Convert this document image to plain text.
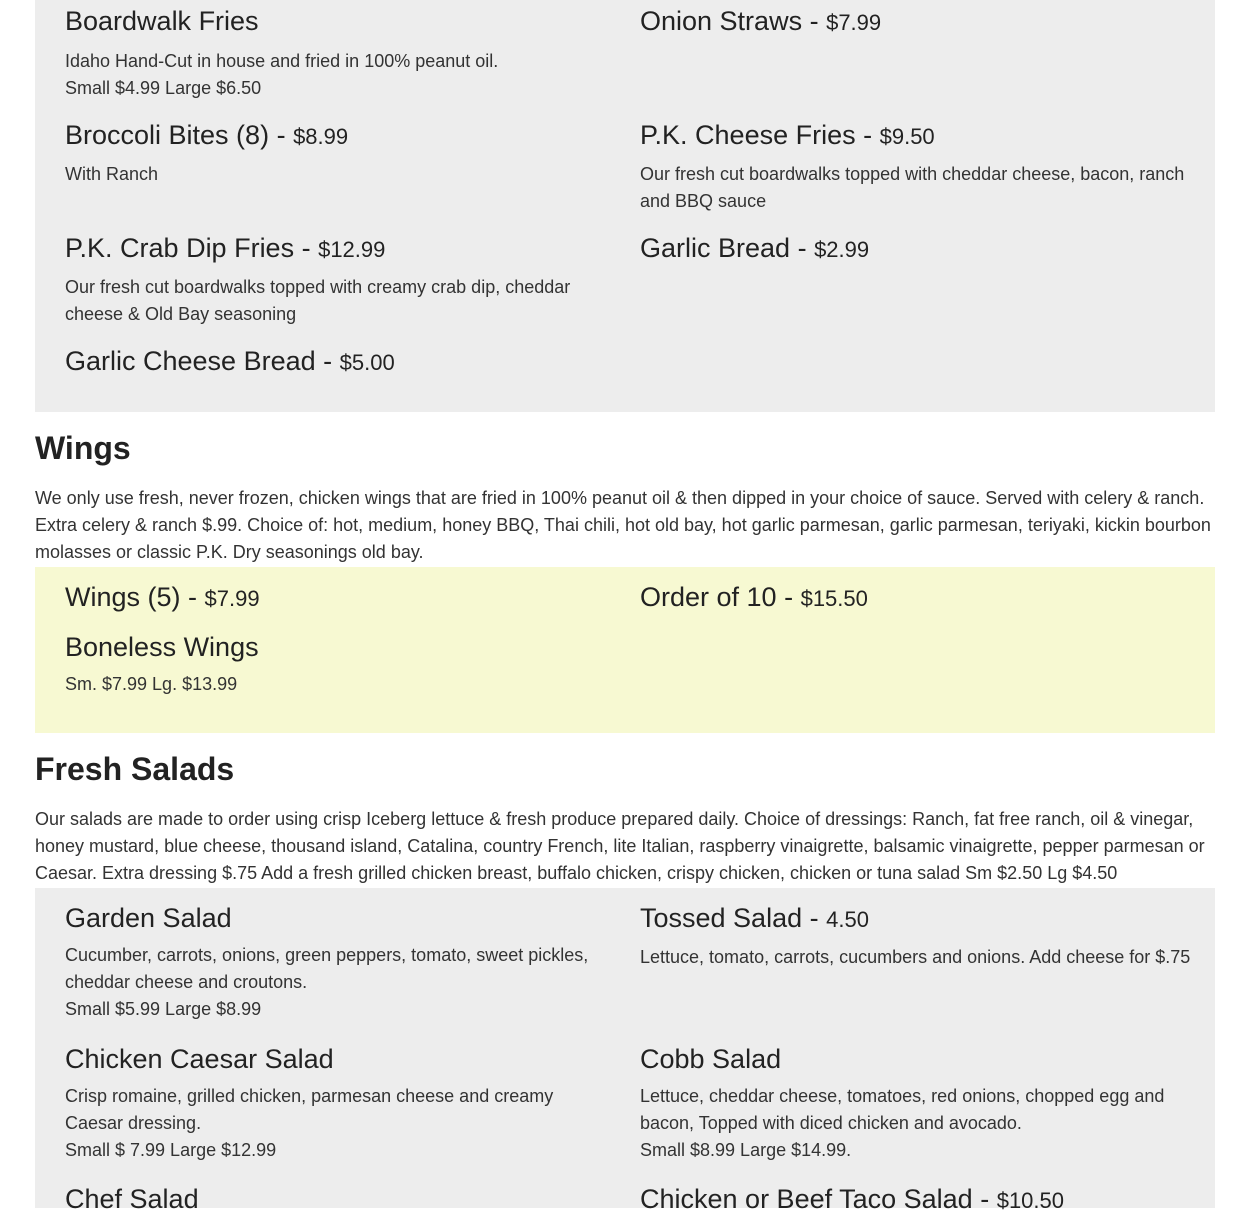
Boardwalk Fries
Idaho Hand-Cut in house and fried in 100% peanut oil.
Small $4.99 Large $6.50
Onion Straws - $7.99
Broccoli Bites (8) - $8.99
With Ranch
P.K. Cheese Fries - $9.50
Our fresh cut boardwalks topped with cheddar cheese, bacon, ranch and BBQ sauce
P.K. Crab Dip Fries - $12.99
Our fresh cut boardwalks topped with creamy crab dip, cheddar cheese & Old Bay seasoning
Garlic Bread - $2.99
Garlic Cheese Bread - $5.00
Wings

We only use fresh, never frozen, chicken wings that are fried in 100% peanut oil & then dipped in your choice of sauce. Served with celery & ranch. Extra celery & ranch $.99. Choice of: hot, medium, honey BBQ, Thai chili, hot old bay, hot garlic parmesan, garlic parmesan, teriyaki, kickin bourbon molasses or classic P.K. Dry seasonings old bay.

Wings (5) - $7.99	Order of 10 - $15.50
Boneless Wings
Sm. $7.99 Lg. $13.99
Fresh Salads

Our salads are made to order using crisp Iceberg lettuce & fresh produce prepared daily. Choice of dressings: Ranch, fat free ranch, oil & vinegar, honey mustard, blue cheese, thousand island, Catalina, country French, lite Italian, raspberry vinaigrette, balsamic vinaigrette, pepper parmesan or Caesar. Extra dressing $.75 Add a fresh grilled chicken breast, buffalo chicken, crispy chicken, chicken or tuna salad Sm $2.50 Lg $4.50

Garden Salad
Cucumber, carrots, onions, green peppers, tomato, sweet pickles, cheddar cheese and croutons.
Small $5.99 Large $8.99
Tossed Salad - 4.50
Lettuce, tomato, carrots, cucumbers and onions. Add cheese for $.75
Chicken Caesar Salad
Crisp romaine, grilled chicken, parmesan cheese and creamy Caesar dressing.
Small $ 7.99 Large $12.99
Cobb Salad
Lettuce, cheddar cheese, tomatoes, red onions, chopped egg and bacon, Topped with diced chicken and avocado.
Small $8.99 Large $14.99.
Chef Salad	Chicken or Beef Taco Salad - $10.50
